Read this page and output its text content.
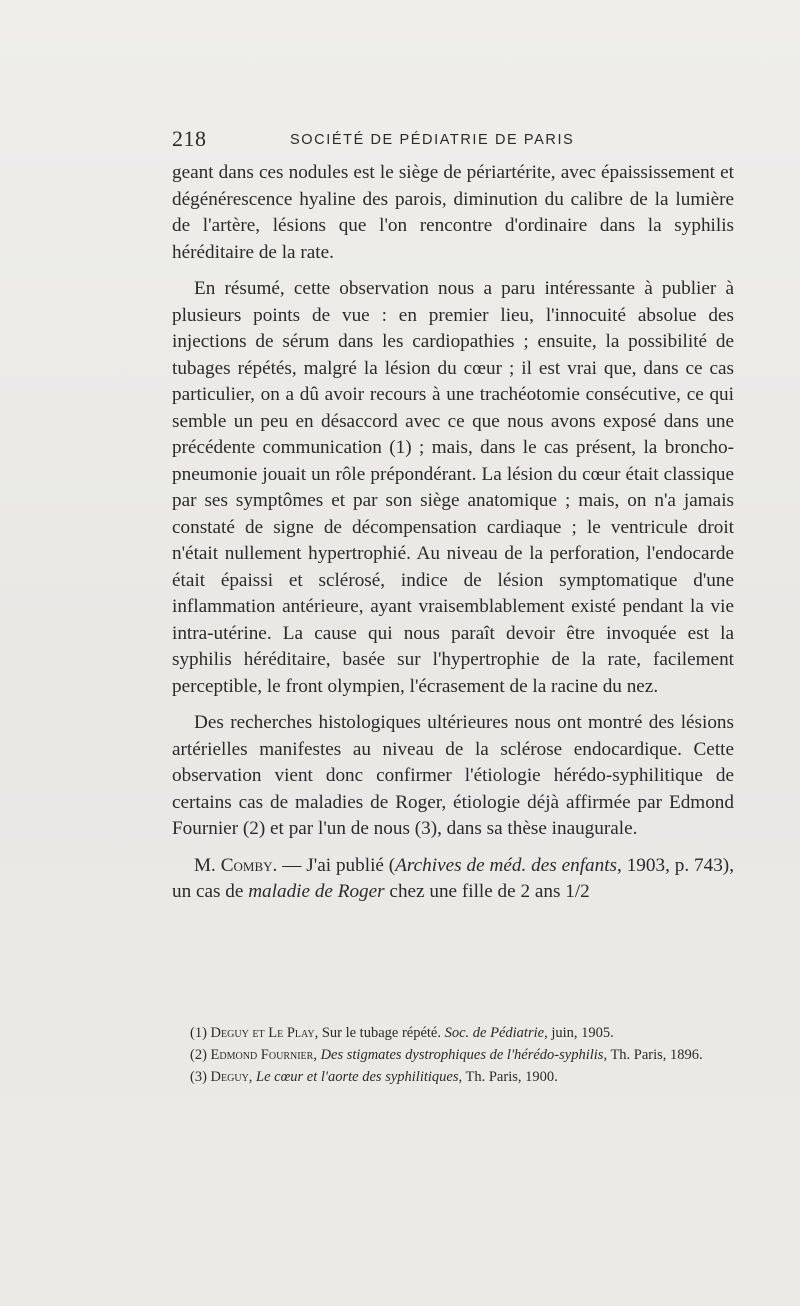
218	SOCIÉTÉ DE PÉDIATRIE DE PARIS

geant dans ces nodules est le siège de périartérite, avec épaississement et dégénérescence hyaline des parois, diminution du calibre de la lumière de l'artère, lésions que l'on rencontre d'ordinaire dans la syphilis héréditaire de la rate.

En résumé, cette observation nous a paru intéressante à publier à plusieurs points de vue : en premier lieu, l'innocuité absolue des injections de sérum dans les cardiopathies ; ensuite, la possibilité de tubages répétés, malgré la lésion du cœur ; il est vrai que, dans ce cas particulier, on a dû avoir recours à une trachéotomie consécutive, ce qui semble un peu en désaccord avec ce que nous avons exposé dans une précédente communication (1) ; mais, dans le cas présent, la broncho-pneumonie jouait un rôle prépondérant. La lésion du cœur était classique par ses symptômes et par son siège anatomique ; mais, on n'a jamais constaté de signe de décompensation cardiaque ; le ventricule droit n'était nullement hypertrophié. Au niveau de la perforation, l'endocarde était épaissi et sclérosé, indice de lésion symptomatique d'une inflammation antérieure, ayant vraisemblablement existé pendant la vie intra-utérine. La cause qui nous paraît devoir être invoquée est la syphilis héréditaire, basée sur l'hypertrophie de la rate, facilement perceptible, le front olympien, l'écrasement de la racine du nez.

Des recherches histologiques ultérieures nous ont montré des lésions artérielles manifestes au niveau de la sclérose endocardique. Cette observation vient donc confirmer l'étiologie hérédo-syphilitique de certains cas de maladies de Roger, étiologie déjà affirmée par Edmond Fournier (2) et par l'un de nous (3), dans sa thèse inaugurale.

M. Comby. — J'ai publié (Archives de méd. des enfants, 1903, p. 743), un cas de maladie de Roger chez une fille de 2 ans 1/2

(1) Deguy et Le Play, Sur le tubage répété. Soc. de Pédiatrie, juin, 1905.

(2) Edmond Fournier, Des stigmates dystrophiques de l'hérédo-syphilis, Th. Paris, 1896.

(3) Deguy, Le cœur et l'aorte des syphilitiques, Th. Paris, 1900.
